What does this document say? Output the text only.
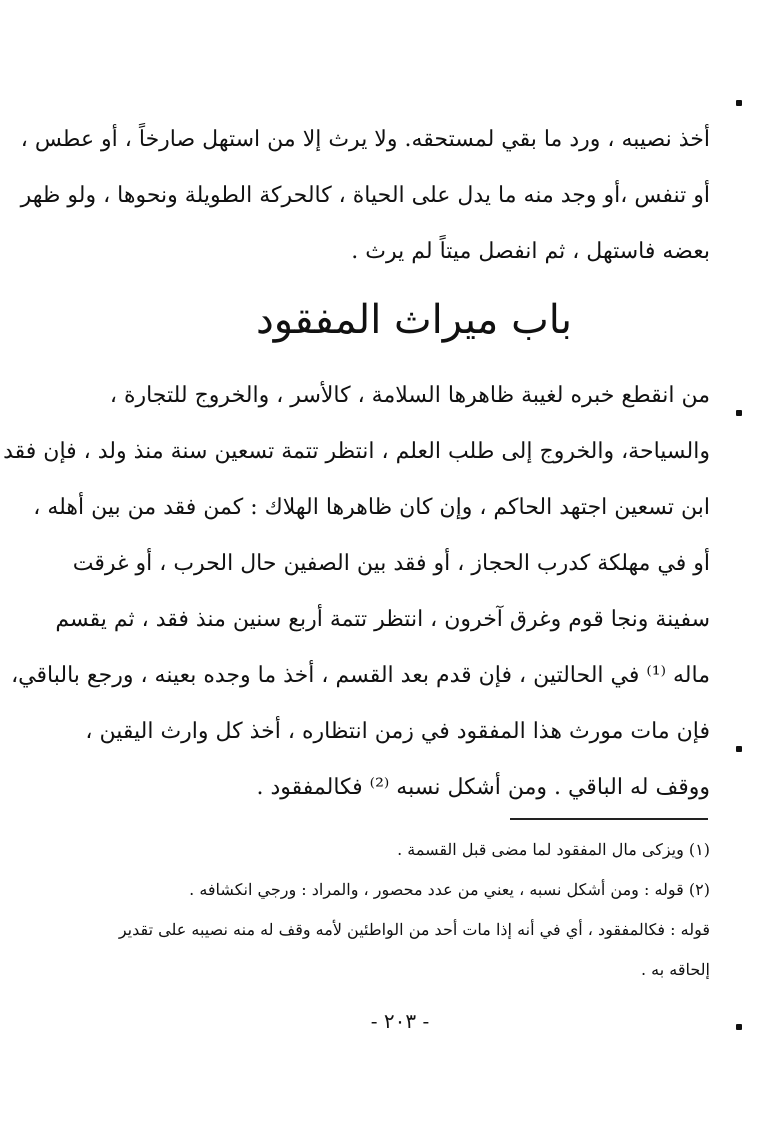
أخذ نصيبه ، ورد ما بقي لمستحقه. ولا يرث إلا من استهل صارخاً ، أو عطس ،
أو تنفس ،أو وجد منه ما يدل على الحياة ، كالحركة الطويلة ونحوها ، ولو ظهر
بعضه فاستهل ، ثم انفصل ميتاً لم يرث .
باب ميراث المفقود
من انقطع خبره لغيبة ظاهرها السلامة ، كالأسر ، والخروج للتجارة ،
والسياحة، والخروج إلى طلب العلم ، انتظر تتمة تسعين سنة منذ ولد ، فإن فقد
ابن تسعين اجتهد الحاكم ، وإن كان ظاهرها الهلاك : كمن فقد من بين أهله ،
أو في مهلكة كدرب الحجاز ، أو فقد بين الصفين حال الحرب ، أو غرقت
سفينة ونجا قوم وغرق آخرون ، انتظر تتمة أربع سنين منذ فقد ، ثم يقسم
ماله ⁽¹⁾ في الحالتين ، فإن قدم بعد القسم ، أخذ ما وجده بعينه ، ورجع بالباقي،
فإن مات مورث هذا المفقود في زمن انتظاره ، أخذ كل وارث اليقين ،
ووقف له الباقي . ومن أشكل نسبه ⁽²⁾ فكالمفقود .
(١) ويزكى مال المفقود لما مضى قبل القسمة .
(٢) قوله : ومن أشكل نسبه ، يعني من عدد محصور ، والمراد : ورجي انكشافه .
قوله : فكالمفقود ، أي في أنه إذا مات أحد من الواطئين لأمه وقف له منه نصيبه على تقدير
إلحاقه به .
- ٢٠٣ -
